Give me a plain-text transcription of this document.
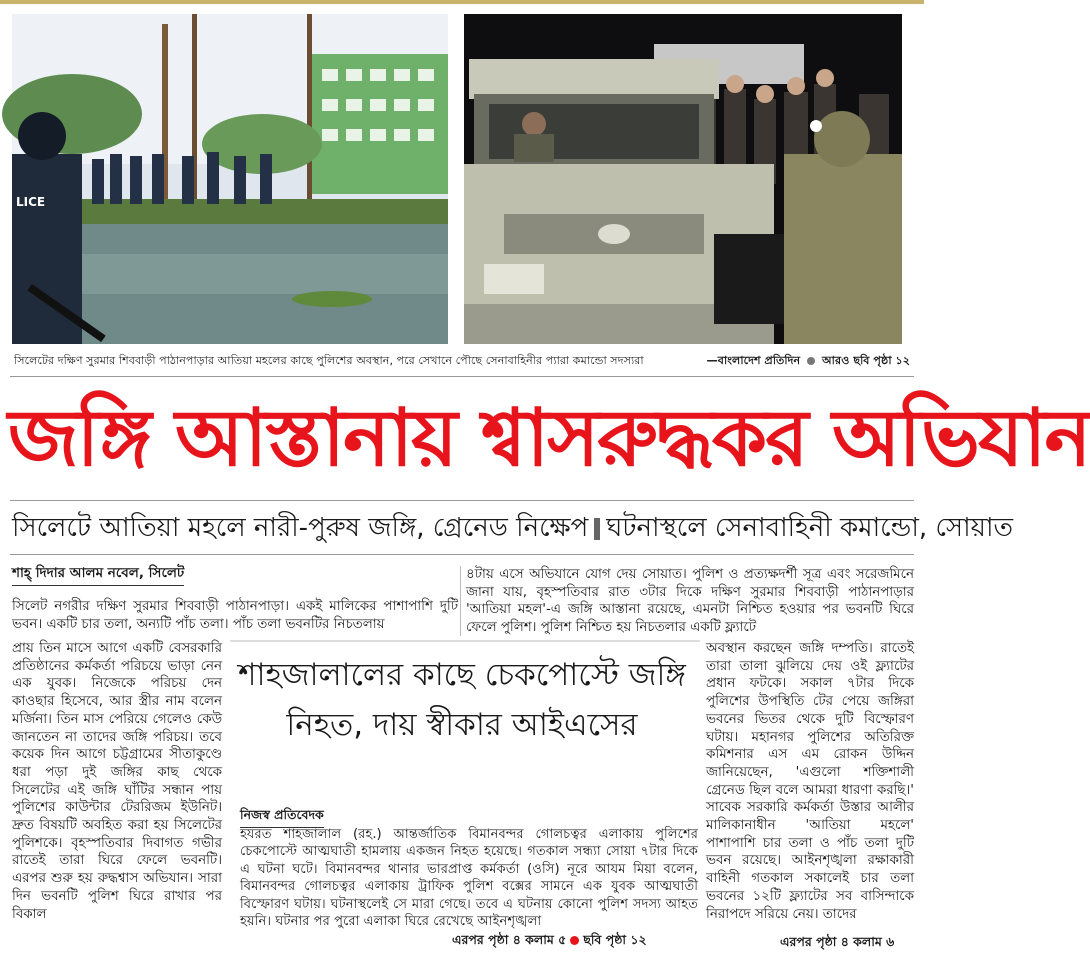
LICE
সিলেটের দক্ষিণ সুরমার শিববাড়ী পাঠানপাড়ার আতিয়া মহলের কাছে পুলিশের অবস্থান, পরে সেখানে পৌছে সেনাবাহিনীর প্যারা কমান্ডো সদস্যরা	—বাংলাদেশ প্রতিদিন আরও ছবি পৃষ্ঠা ১২
জঙ্গি আস্তানায় শ্বাসরুদ্ধকর অভিযান
সিলেটে আতিয়া মহলে নারী-পুরুষ জঙ্গি, গ্রেনেড নিক্ষেপ ঘটনাস্থলে সেনাবাহিনী কমান্ডো, সোয়াত
শাহ্ দিদার আলম নবেল, সিলেট

সিলেট নগরীর দক্ষিণ সুরমার শিববাড়ী পাঠানপাড়া। একই মালিকের পাশাপাশি দুটি ভবন। একটি চার তলা, অন্যটি পাঁচ তলা। পাঁচ তলা ভবনটির নিচতলায়

প্রায় তিন মাসে আগে একটি বেসরকারি প্রতিষ্ঠানের কর্মকর্তা পরিচয়ে ভাড়া নেন এক যুবক। নিজেকে পরিচয় দেন কাওছার হিসেবে, আর স্ত্রীর নাম বলেন মর্জিনা। তিন মাস পেরিয়ে গেলেও কেউ জানতেন না তাদের জঙ্গি পরিচয়। তবে কয়েক দিন আগে চট্টগ্রামের সীতাকুণ্ডে ধরা পড়া দুই জঙ্গির কাছ থেকে সিলেটের এই জঙ্গি ঘাঁটির সন্ধান পায় পুলিশের কাউন্টার টেররিজম ইউনিট। দ্রুত বিষয়টি অবহিত করা হয় সিলেটের পুলিশকে। বৃহস্পতিবার দিবাগত গভীর রাতেই তারা ঘিরে ফেলে ভবনটি। এরপর শুরু হয় রুদ্ধশ্বাস অভিযান। সারা দিন ভবনটি পুলিশ ঘিরে রাখার পর বিকাল

৪টায় এসে অভিযানে যোগ দেয় সোয়াত। পুলিশ ও প্রত্যক্ষদর্শী সূত্র এবং সরেজমিনে জানা যায়, বৃহস্পতিবার রাত ৩টার দিকে দক্ষিণ সুরমার শিববাড়ী পাঠানপাড়ার 'আতিয়া মহল'-এ জঙ্গি আস্তানা রয়েছে, এমনটা নিশ্চিত হওয়ার পর ভবনটি ঘিরে ফেলে পুলিশ। পুলিশ নিশ্চিত হয় নিচতলার একটি ফ্ল্যাটে

অবস্থান করছেন জঙ্গি দম্পতি। রাতেই তারা তালা ঝুলিয়ে দেয় ওই ফ্ল্যাটের প্রধান ফটকে। সকাল ৭টার দিকে পুলিশের উপস্থিতি টের পেয়ে জঙ্গিরা ভবনের ভিতর থেকে দুটি বিস্ফোরণ ঘটায়। মহানগর পুলিশের অতিরিক্ত কমিশনার এস এম রোকন উদ্দিন জানিয়েছেন, 'এগুলো শক্তিশালী গ্রেনেড ছিল বলে আমরা ধারণা করছি।' সাবেক সরকারি কর্মকর্তা উস্তার আলীর মালিকানাধীন 'আতিয়া মহলে' পাশাপাশি চার তলা ও পাঁচ তলা দুটি ভবন রয়েছে। আইনশৃঙ্খলা রক্ষাকারী বাহিনী গতকাল সকালেই চার তলা ভবনের ১২টি ফ্ল্যাটের সব বাসিন্দাকে নিরাপদে সরিয়ে নেয়। তাদের

এরপর পৃষ্ঠা ৪ কলাম ৬
শাহজালালের কাছে চেকপোস্টে জঙ্গি
নিহত, দায় স্বীকার আইএসের
নিজস্ব প্রতিবেদক

হযরত শাহজালাল (রহ.) আন্তর্জাতিক বিমানবন্দর গোলচত্বর এলাকায় পুলিশের চেকপোস্টে আত্মঘাতী হামলায় একজন নিহত হয়েছে। গতকাল সন্ধ্যা সোয়া ৭টার দিকে এ ঘটনা ঘটে। বিমানবন্দর থানার ভারপ্রাপ্ত কর্মকর্তা (ওসি) নূরে আযম মিয়া বলেন, বিমানবন্দর গোলচত্বর এলাকায় ট্রাফিক পুলিশ বক্সের সামনে এক যুবক আত্মঘাতী বিস্ফোরণ ঘটায়। ঘটনাস্থলেই সে মারা গেছে। তবে এ ঘটনায় কোনো পুলিশ সদস্য আহত হয়নি। ঘটনার পর পুরো এলাকা ঘিরে রেখেছে আইনশৃঙ্খলা

এরপর পৃষ্ঠা ৪ কলাম ৫ ছবি পৃষ্ঠা ১২
